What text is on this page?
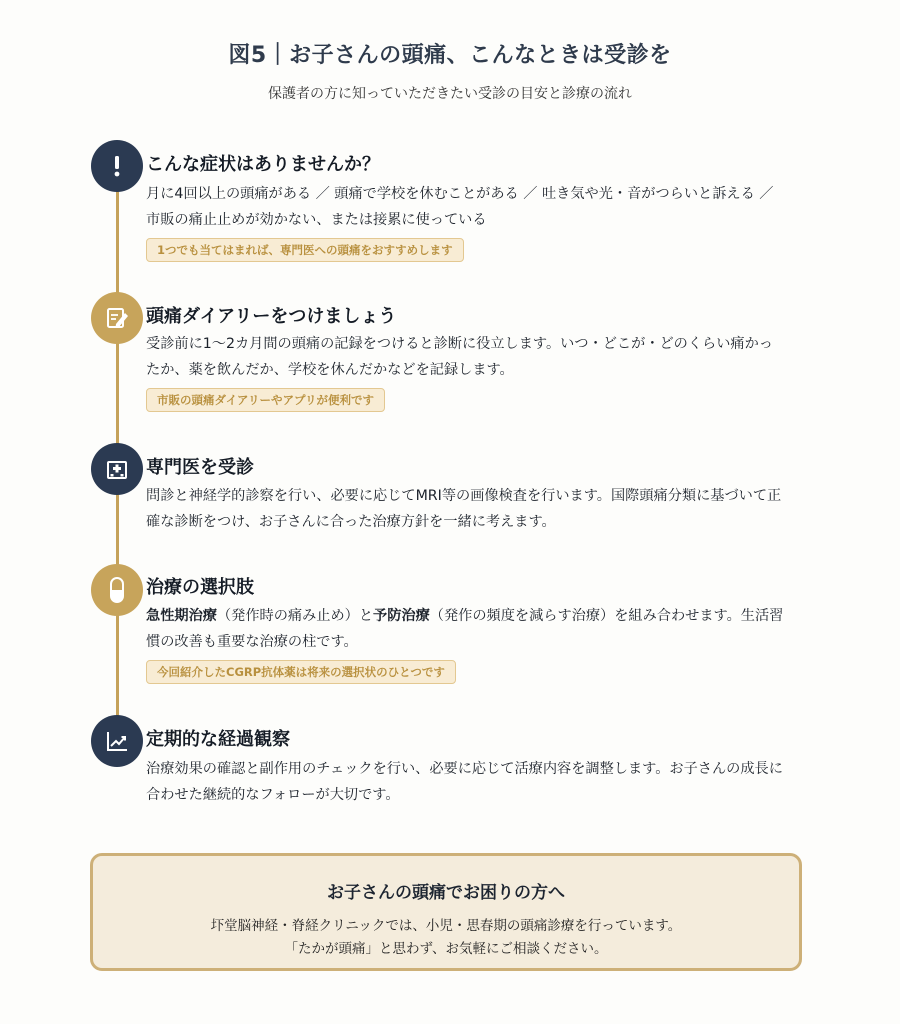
図5｜お子さんの頭痛、こんなときは受診を
保護者の方に知っていただきたい受診の目安と診療の流れ
こんな症状はありませんか？
月に4回以上の頭痛がある ／ 頭痛で学校を休むことがある ／ 吐き気や光・音がつらいと訴える ／
市販の痛止止めが効かない、または接累に使っている
1つでも当てはまれば、専門医への頭痛をおすすめします
頭痛ダイアリーをつけましょう
受診前に1〜2カ月間の頭痛の記録をつけると診断に役立します。いつ・どこが・どのくらい痛かっ
たか、薬を飲んだか、学校を休んだかなどを記録します。
市販の頭痛ダイアリーやアプリが便利です
専門医を受診
問診と神経学的診察を行い、必要に応じてMRI等の画像検査を行います。国際頭痛分類に基づいて正
確な診断をつけ、お子さんに合った治療方針を一緒に考えます。
治療の選択肢
急性期治療（発作時の痛み止め）と予防治療（発作の頻度を減らす治療）を組み合わせます。生活習
慣の改善も重要な治療の柱です。
今回紹介したCGRP抗体薬は将来の選択状のひとつです
定期的な経過観察
治療効果の確認と副作用のチェックを行い、必要に応じて活療内容を調整します。お子さんの成長に
合わせた継続的なフォローが大切です。
お子さんの頭痛でお困りの方へ
圷堂脳神経・脊経クリニックでは、小児・思春期の頭痛診療を行っています。
「たかが頭痛」と思わず、お気軽にご相談ください。
